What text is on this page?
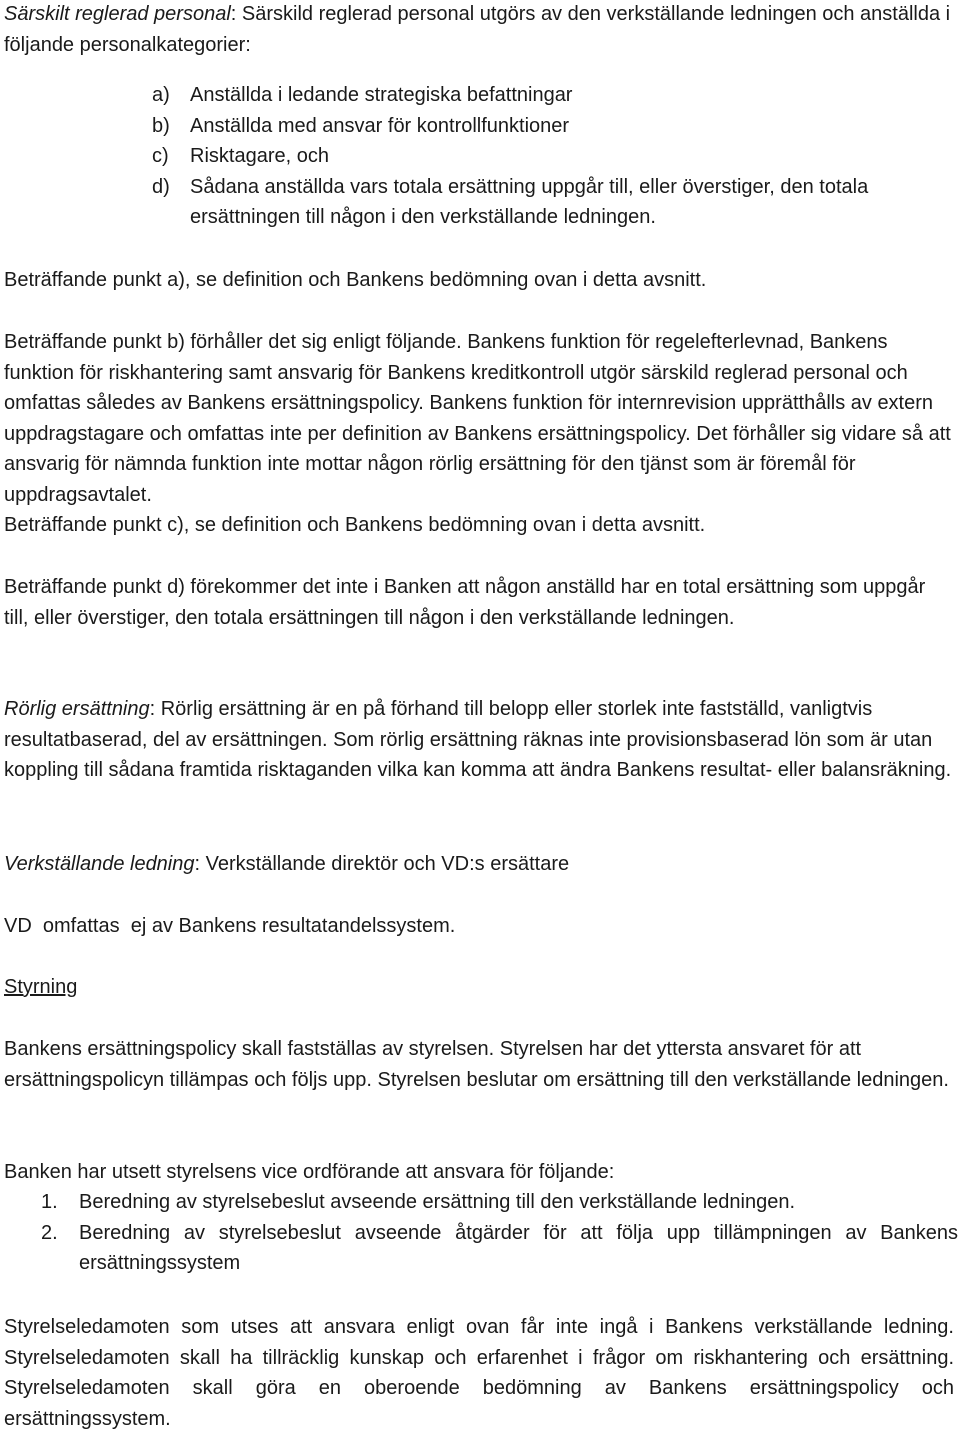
Särskilt reglerad personal: Särskild reglerad personal utgörs av den verkställande ledningen och anställda i följande personalkategorier:

a) Anställda i ledande strategiska befattningar
b) Anställda med ansvar för kontrollfunktioner
c) Risktagare, och
d) Sådana anställda vars totala ersättning uppgår till, eller överstiger, den totala ersättningen till någon i den verkställande ledningen.

Beträffande punkt a), se definition och Bankens bedömning ovan i detta avsnitt.

Beträffande punkt b) förhåller det sig enligt följande. Bankens funktion för regelefterlevnad, Bankens funktion för riskhantering samt ansvarig för Bankens kreditkontroll utgör särskild reglerad personal och omfattas således av Bankens ersättningspolicy. Bankens funktion för internrevision upprätthålls av extern uppdragstagare och omfattas inte per definition av Bankens ersättningspolicy. Det förhåller sig vidare så att ansvarig för nämnda funktion inte mottar någon rörlig ersättning för den tjänst som är föremål för uppdragsavtalet.

Beträffande punkt c), se definition och Bankens bedömning ovan i detta avsnitt.

Beträffande punkt d) förekommer det inte i Banken att någon anställd har en total ersättning som uppgår till, eller överstiger, den totala ersättningen till någon i den verkställande ledningen.

Rörlig ersättning: Rörlig ersättning är en på förhand till belopp eller storlek inte fastställd, vanligtvis resultatbaserad, del av ersättningen. Som rörlig ersättning räknas inte provisionsbaserad lön som är utan koppling till sådana framtida risktaganden vilka kan komma att ändra Bankens resultat- eller balansräkning.

Verkställande ledning: Verkställande direktör och VD:s ersättare

VD  omfattas  ej av Bankens resultatandelssystem.

Styrning

Bankens ersättningspolicy skall fastställas av styrelsen. Styrelsen har det yttersta ansvaret för att ersättningspolicyn tillämpas och följs upp. Styrelsen beslutar om ersättning till den verkställande ledningen.

Banken har utsett styrelsens vice ordförande att ansvara för följande:

1. Beredning av styrelsebeslut avseende ersättning till den verkställande ledningen.
2. Beredning av styrelsebeslut avseende åtgärder för att följa upp tillämpningen av Bankens ersättningssystem

Styrelseledamoten som utses att ansvara enligt ovan får inte ingå i Bankens verkställande ledning. Styrelseledamoten skall ha tillräcklig kunskap och erfarenhet i frågor om riskhantering och ersättning. Styrelseledamoten skall göra en oberoende bedömning av Bankens ersättningspolicy och ersättningssystem.
